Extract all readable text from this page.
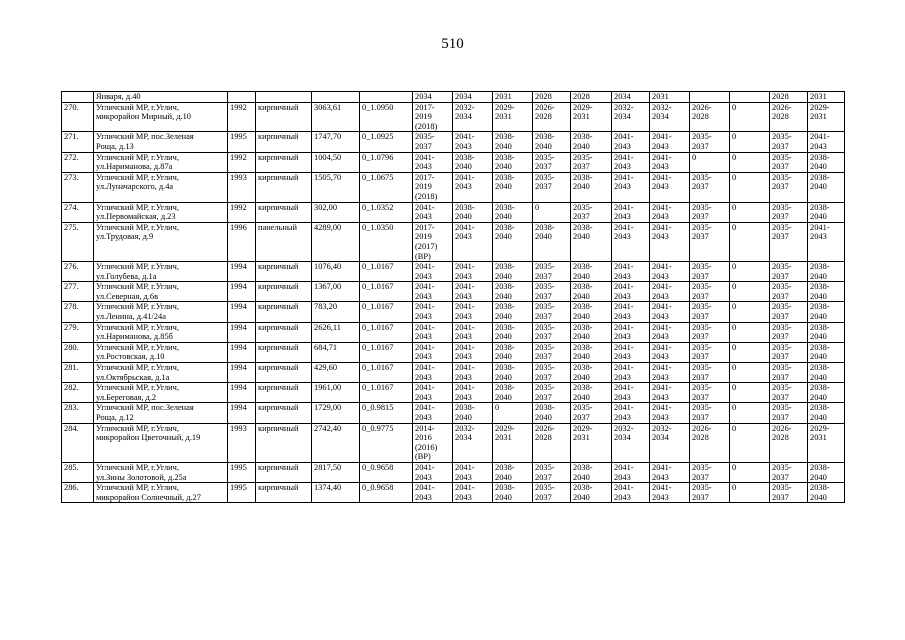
510
	Января, д.40					2034	2034	2031	2028	2028	2034	2031			2028	2031
270.	Угличский МР, г.Углич,
микрорайон Мирный, д.10	1992	кирпичный	3063,61	0_1.0950	2017-
2019
(2018)	2032-
2034	2029-
2031	2026-
2028	2029-
2031	2032-
2034	2032-
2034	2026-
2028	0	2026-
2028	2029-
2031
271.	Угличский МР, пос.Зеленая
Роща, д.13	1995	кирпичный	1747,70	0_1.0925	2035-
2037	2041-
2043	2038-
2040	2038-
2040	2038-
2040	2041-
2043	2041-
2043	2035-
2037	0	2035-
2037	2041-
2043
272.	Угличский МР, г.Углич,
ул.Нариманова, д.87а	1992	кирпичный	1004,50	0_1.0796	2041-
2043	2038-
2040	2038-
2040	2035-
2037	2035-
2037	2041-
2043	2041-
2043	0	0	2035-
2037	2038-
2040
273.	Угличский МР, г.Углич,
ул.Луначарского, д.4а	1993	кирпичный	1505,70	0_1.0675	2017-
2019
(2018)	2041-
2043	2038-
2040	2035-
2037	2038-
2040	2041-
2043	2041-
2043	2035-
2037	0	2035-
2037	2038-
2040
274.	Угличский МР, г.Углич,
ул.Первомайская, д.23	1992	кирпичный	302,00	0_1.0352	2041-
2043	2038-
2040	2038-
2040	0	2035-
2037	2041-
2043	2041-
2043	2035-
2037	0	2035-
2037	2038-
2040
275.	Угличский МР, г.Углич,
ул.Трудовая, д.9	1996	панельный	4289,00	0_1.0350	2017-
2019
(2017)
(ВР)	2041-
2043	2038-
2040	2038-
2040	2038-
2040	2041-
2043	2041-
2043	2035-
2037	0	2035-
2037	2041-
2043
276.	Угличский МР, г.Углич,
ул.Голубева, д.1а	1994	кирпичный	1076,40	0_1.0167	2041-
2043	2041-
2043	2038-
2040	2035-
2037	2038-
2040	2041-
2043	2041-
2043	2035-
2037	0	2035-
2037	2038-
2040
277.	Угличский МР, г.Углич,
ул.Северная, д.6в	1994	кирпичный	1367,00	0_1.0167	2041-
2043	2041-
2043	2038-
2040	2035-
2037	2038-
2040	2041-
2043	2041-
2043	2035-
2037	0	2035-
2037	2038-
2040
278.	Угличский МР, г.Углич,
ул.Ленина, д.41/24а	1994	кирпичный	783,20	0_1.0167	2041-
2043	2041-
2043	2038-
2040	2035-
2037	2038-
2040	2041-
2043	2041-
2043	2035-
2037	0	2035-
2037	2038-
2040
279.	Угличский МР, г.Углич,
ул.Нариманова, д.85б	1994	кирпичный	2626,11	0_1.0167	2041-
2043	2041-
2043	2038-
2040	2035-
2037	2038-
2040	2041-
2043	2041-
2043	2035-
2037	0	2035-
2037	2038-
2040
280.	Угличский МР, г.Углич,
ул.Ростовская, д.10	1994	кирпичный	684,71	0_1.0167	2041-
2043	2041-
2043	2038-
2040	2035-
2037	2038-
2040	2041-
2043	2041-
2043	2035-
2037	0	2035-
2037	2038-
2040
281.	Угличский МР, г.Углич,
ул.Октябрьская, д.1а	1994	кирпичный	429,60	0_1.0167	2041-
2043	2041-
2043	2038-
2040	2035-
2037	2038-
2040	2041-
2043	2041-
2043	2035-
2037	0	2035-
2037	2038-
2040
282.	Угличский МР, г.Углич,
ул.Береговая, д.2	1994	кирпичный	1961,00	0_1.0167	2041-
2043	2041-
2043	2038-
2040	2035-
2037	2038-
2040	2041-
2043	2041-
2043	2035-
2037	0	2035-
2037	2038-
2040
283.	Угличский МР, пос.Зеленая
Роща, д.12	1994	кирпичный	1729,00	0_0.9815	2041-
2043	2038-
2040	0	2038-
2040	2035-
2037	2041-
2043	2041-
2043	2035-
2037	0	2035-
2037	2038-
2040
284.	Угличский МР, г.Углич,
микрорайон Цветочный, д.19	1993	кирпичный	2742,40	0_0.9775	2014-
2016
(2016)
(ВР)	2032-
2034	2029-
2031	2026-
2028	2029-
2031	2032-
2034	2032-
2034	2026-
2028	0	2026-
2028	2029-
2031
285.	Угличский МР, г.Углич,
ул.Зины Золотовой, д.25а	1995	кирпичный	2817,50	0_0.9658	2041-
2043	2041-
2043	2038-
2040	2035-
2037	2038-
2040	2041-
2043	2041-
2043	2035-
2037	0	2035-
2037	2038-
2040
286.	Угличский МР, г.Углич,
микрорайон Солнечный, д.27	1995	кирпичный	1374,40	0_0.9658	2041-
2043	2041-
2043	2038-
2040	2035-
2037	2038-
2040	2041-
2043	2041-
2043	2035-
2037	0	2035-
2037	2038-
2040
